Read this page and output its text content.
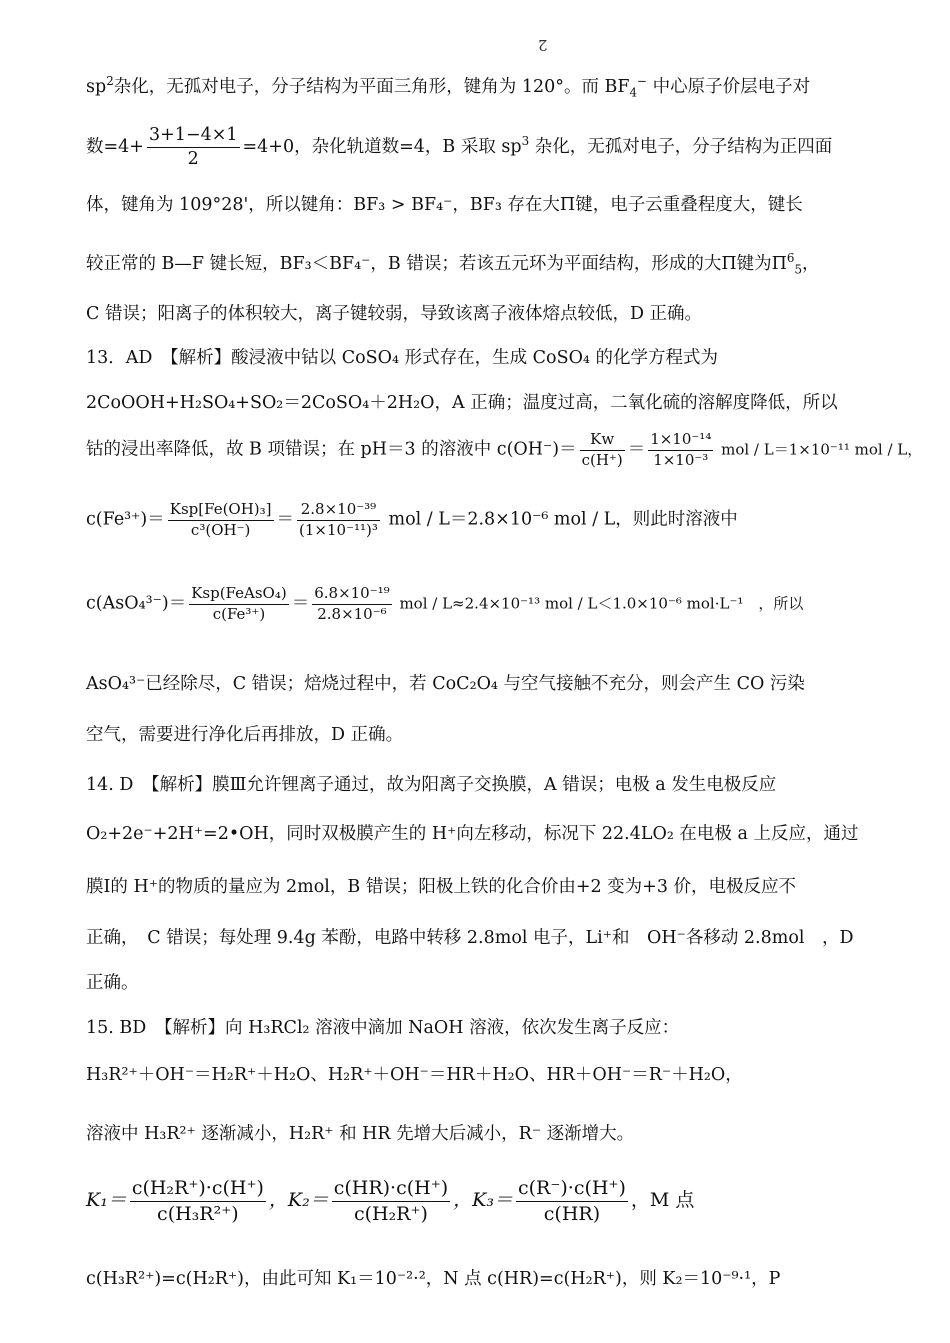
2
$sp^2$杂化，无孤对电子，分子结构为平面三角形，键角为 120°。而 $BF_4^-$ 中心原子价层电子对
数$=4+ \frac{3+1-4\times 1}{2} =4+0$，杂化轨道数=4，B 采取 $sp^3$ 杂化，无孤对电子，分子结构为正四面
体，键角为 109°28'，所以键角：BF₃ > BF₄⁻，BF₃ 存在大Π键，电子云重叠程度大，键长
较正常的 B—F 键长短，BF₃＜BF₄⁻，B 错误；若该五元环为平面结构，形成的大П键为$\Pi^6_5$，
C 错误；阳离子的体积较大，离子键较弱，导致该离子液体熔点较低，D 正确。
13．AD　【解析】酸浸液中钴以 CoSO₄ 形式存在，生成 CoSO₄ 的化学方程式为
2CoOOH+H₂SO₄+SO₂＝2CoSO₄＋2H₂O，A 正确；温度过高，二氧化硫的溶解度降低，所以
钴的浸出率降低，故 B 项错误；在 pH＝3 的溶液中 $c(OH^-)= \frac{Kw}{c(H^+)} = \frac{\text{1×10⁻¹⁴}}{\text{1×10⁻³}}$ mol / L＝1×10⁻¹¹ mol / L，
$c(Fe^{3+})= \frac{\text{Ksp[Fe(OH)₃]}}{\text{c³(OH⁻)}} = \frac{\text{2.8×10⁻³⁹}}{\text{(1×10⁻¹¹)³}}$ mol / L＝2.8×10⁻⁶ mol / L，则此时溶液中
$c(AsO_4^{3-})= \frac{\text{Ksp(FeAsO₄)}}{\text{c(Fe³⁺)}} = \frac{\text{6.8×10⁻¹⁹}}{\text{2.8×10⁻⁶}}$ mol / L≈2.4×10⁻¹³ mol / L＜1.0×10⁻⁶ mol·L⁻¹　，所以
AsO₄³⁻已经除尽，C 错误；焙烧过程中，若 CoC₂O₄ 与空气接触不充分，则会产生 CO 污染
空气，需要进行净化后再排放，D 正确。
14. D　【解析】膜Ⅲ允许锂离子通过，故为阳离子交换膜，A 错误；电极 a 发生电极反应
O₂+2e⁻+2H⁺=2•OH，同时双极膜产生的 H⁺向左移动，标况下 22.4LO₂ 在电极 a 上反应，通过
膜Ⅰ的 H⁺的物质的量应为 2mol，B 错误；阳极上铁的化合价由+2 变为+3 价，电极反应不
正确，　C 错误；每处理 9.4g 苯酚，电路中转移 2.8mol 电子，Li⁺和　OH⁻各移动 2.8mol　，D
正确。
15. BD　【解析】向 H₃RCl₂ 溶液中滴加 NaOH 溶液，依次发生离子反应：
H₃R²⁺＋OH⁻＝H₂R⁺＋H₂O、H₂R⁺＋OH⁻＝HR＋H₂O、HR＋OH⁻＝R⁻＋H₂O，
溶液中 H₃R²⁺ 逐渐减小，H₂R⁺ 和 HR 先增大后减小，R⁻ 逐渐增大。
$K_1= \frac{\text{c(H₂R⁺)·c(H⁺)}}{\text{c(H₃R²⁺)}}$ ，$K_2= \frac{c(HR)\cdot c(H^+)}{\text{c(H₂R⁺)}}$ ，$K_3= \frac{c(R^-)\cdot c(H^+)}{c(HR)}$ ，M 点
c(H₃R²⁺)=c(H₂R⁺)，由此可知 K₁＝10⁻²·²，N 点 c(HR)=c(H₂R⁺)，则 K₂＝10⁻⁹·¹，P
